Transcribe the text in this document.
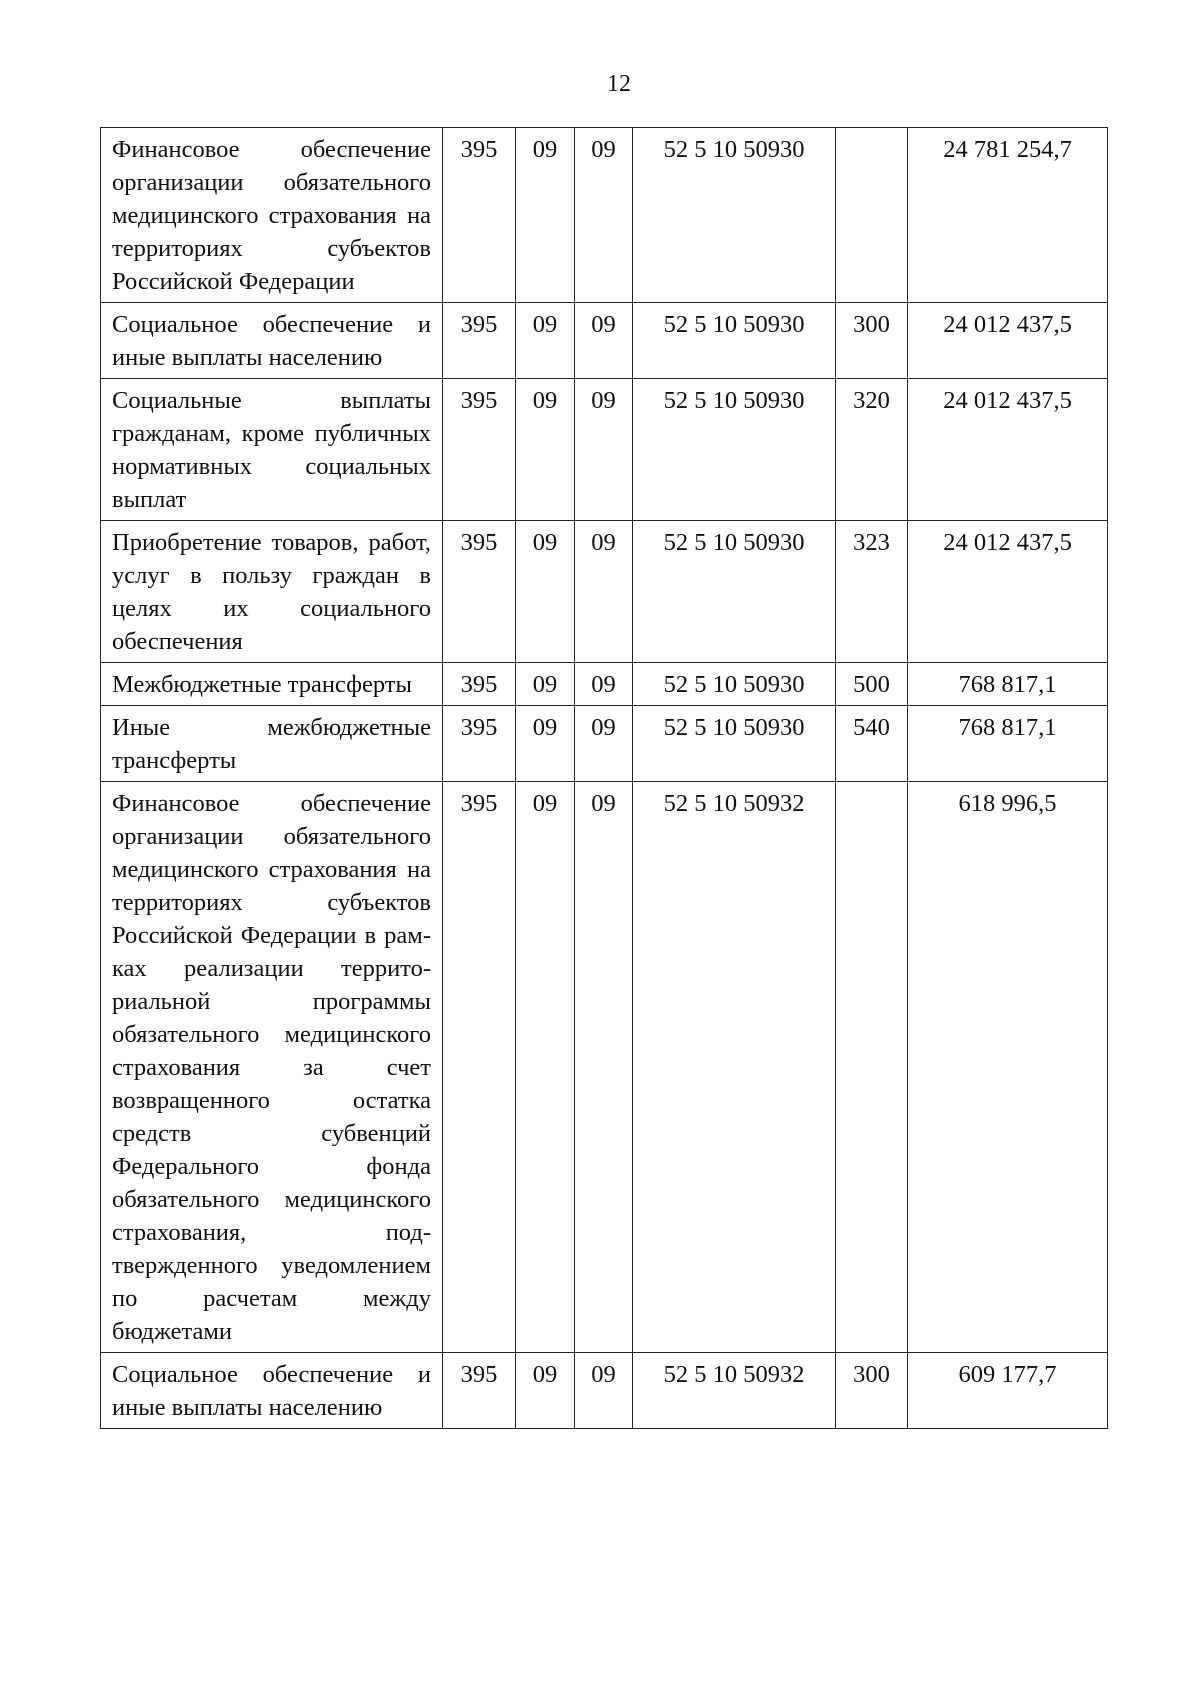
12
Финансовое обеспечение организации обязательного медицинского страхования на территориях субъектов Российской Федерации	395	09	09	52 5 10 50930		24 781 254,7
Социальное обеспечение и иные выплаты населению	395	09	09	52 5 10 50930	300	24 012 437,5
Социальные выплаты гражданам, кроме публичных нормативных социальных выплат	395	09	09	52 5 10 50930	320	24 012 437,5
Приобретение товаров, работ, услуг в пользу граждан в целях их социального обеспечения	395	09	09	52 5 10 50930	323	24 012 437,5
Межбюджетные трансферты	395	09	09	52 5 10 50930	500	768 817,1
Иные межбюджетные трансферты	395	09	09	52 5 10 50930	540	768 817,1
Финансовое обеспечение организации обязательного медицинского страхования на территориях субъектов Российской Федерации в рамках реализации территориальной программы обязательного медицинского страхования за счет возвращенного остатка средств субвенций Федерального фонда обязательного медицинского страхования, подтвержденного уведомлением по расчетам между бюджетами	395	09	09	52 5 10 50932		618 996,5
Социальное обеспечение и иные выплаты населению	395	09	09	52 5 10 50932	300	609 177,7
